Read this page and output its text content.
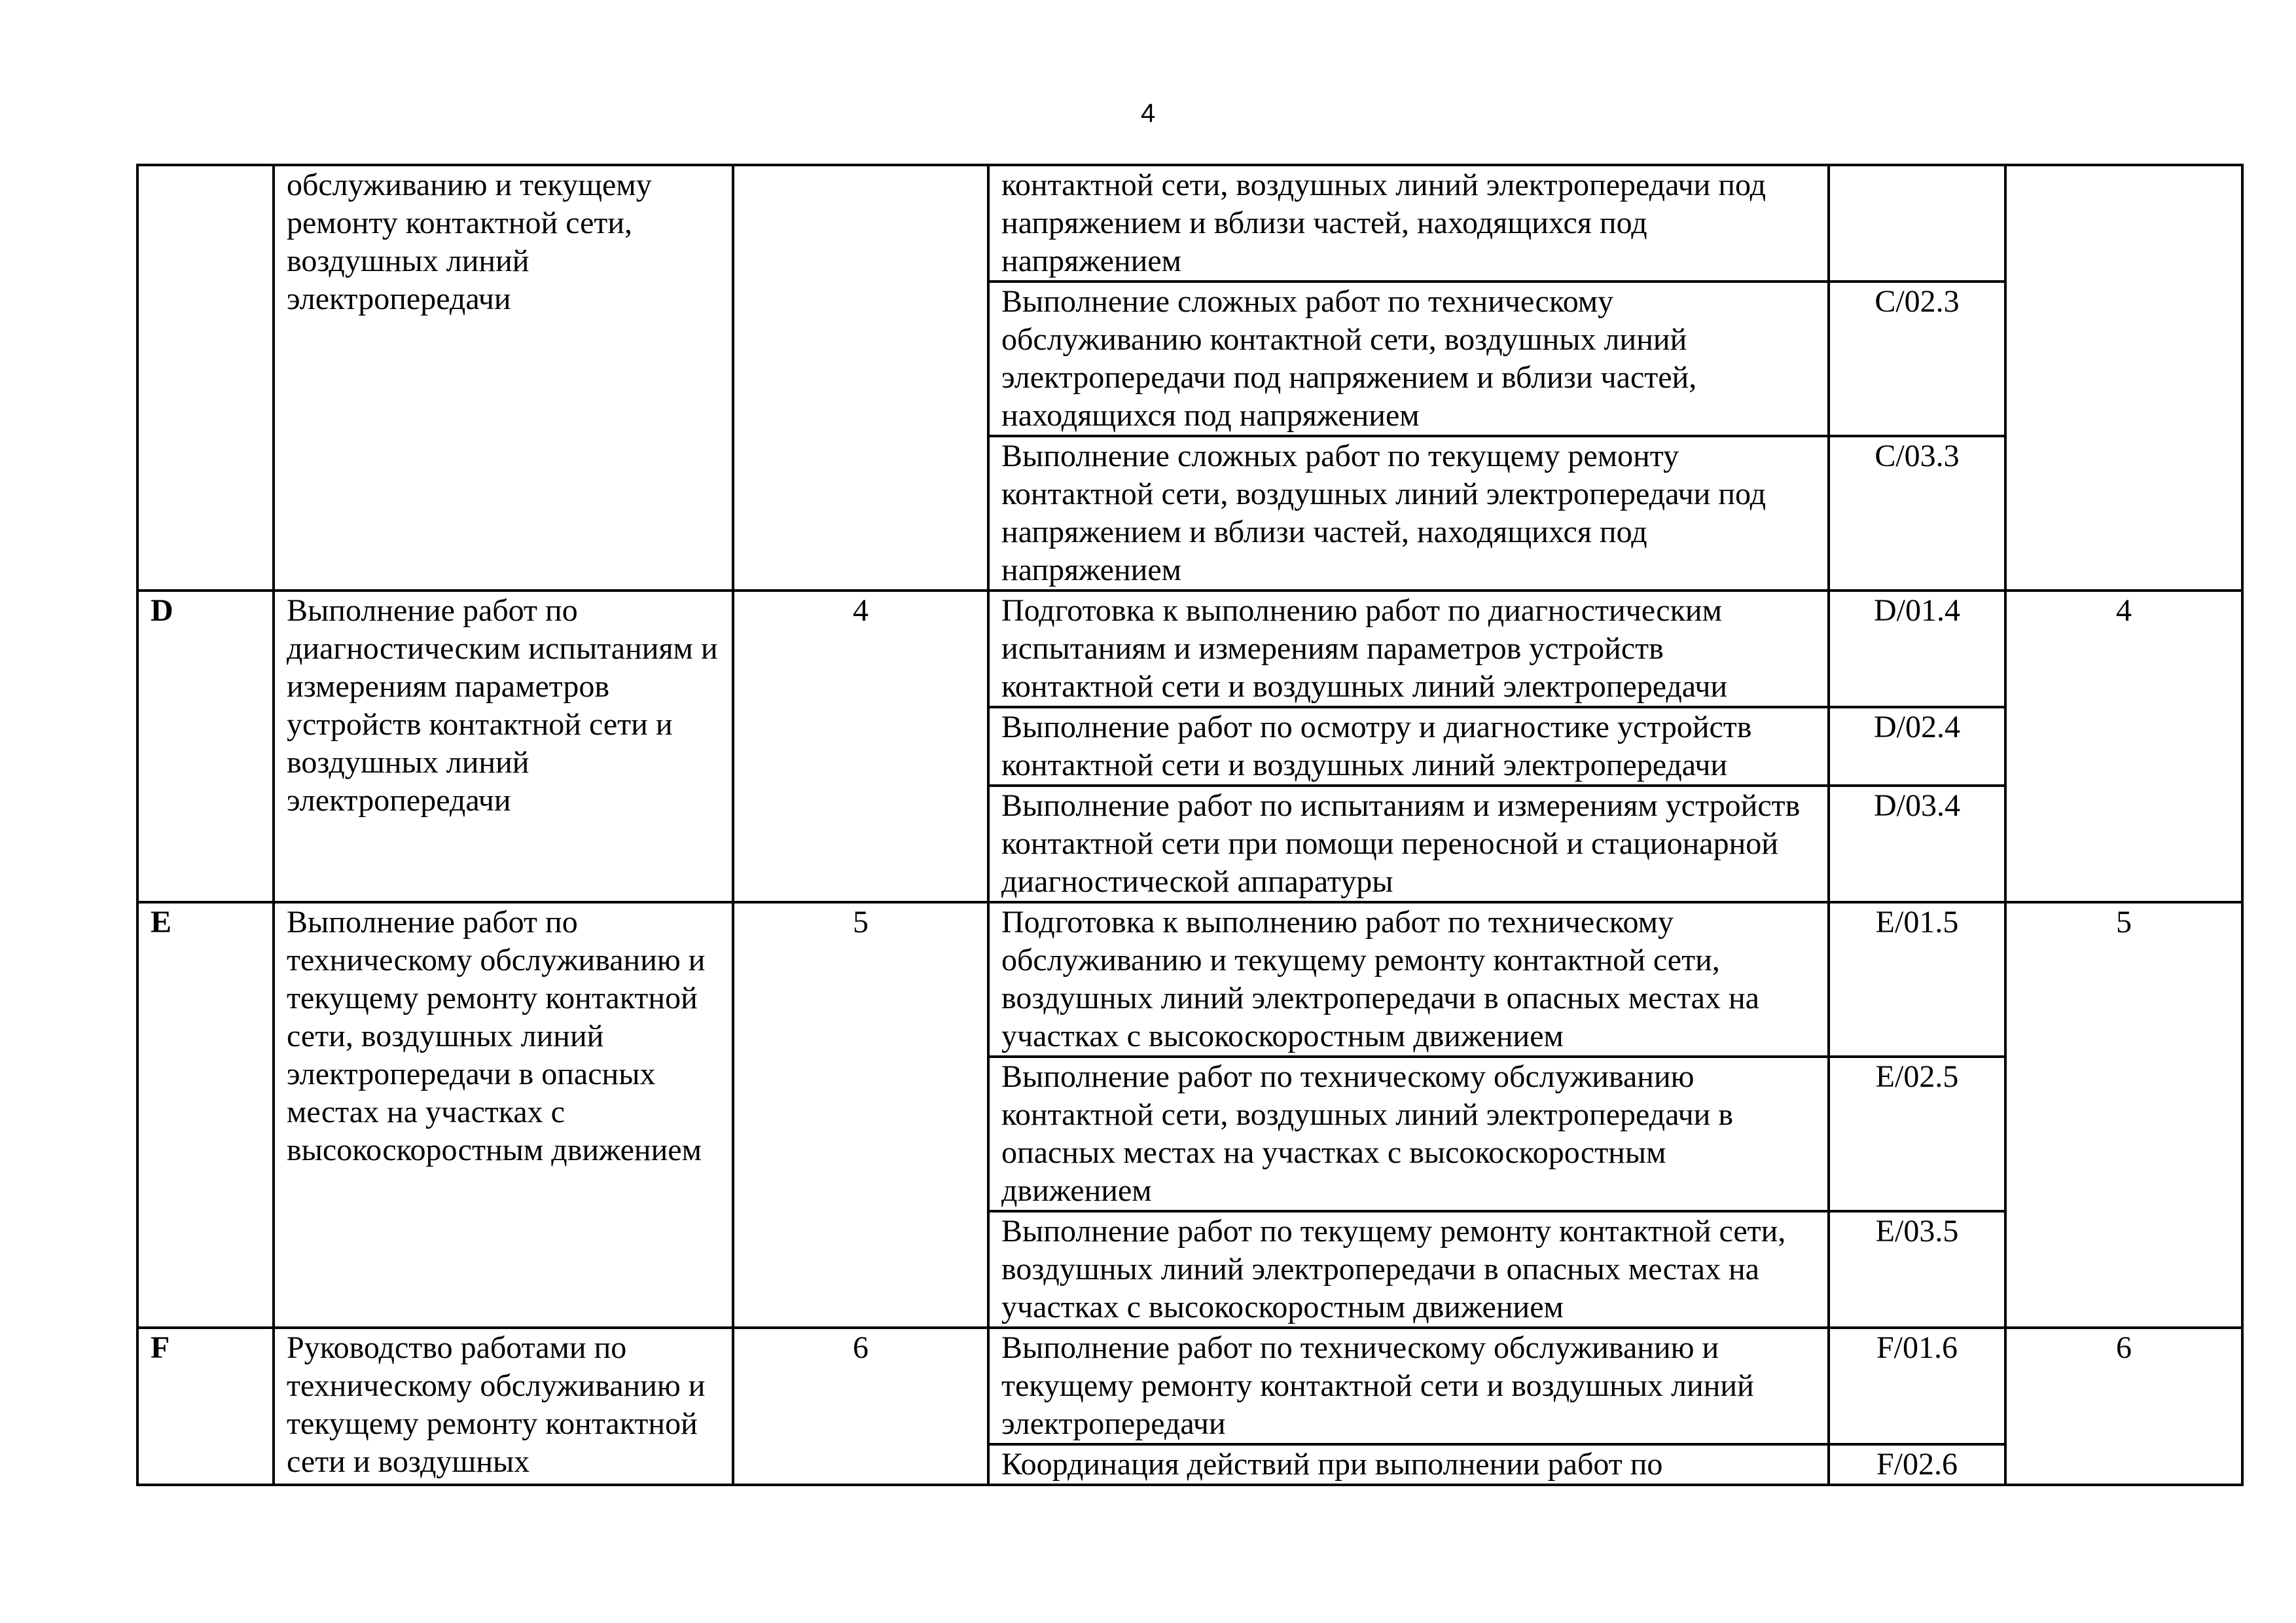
4
	обслуживанию и текущему ремонту контактной сети, воздушных линий электропередачи		контактной сети, воздушных линий электропередачи под напряжением и вблизи частей, находящихся под напряжением		
			Выполнение сложных работ по техническому обслуживанию контактной сети, воздушных линий электропередачи под напряжением и вблизи частей, находящихся под напряжением	C/02.3	
			Выполнение сложных работ по текущему ремонту контактной сети, воздушных линий электропередачи под напряжением и вблизи частей, находящихся под напряжением	C/03.3	
D	Выполнение работ по диагностическим испытаниям и измерениям параметров устройств контактной сети и воздушных линий электропередачи	4	Подготовка к выполнению работ по диагностическим испытаниям и измерениям параметров устройств контактной сети и воздушных линий электропередачи	D/01.4	4
			Выполнение работ по осмотру и диагностике устройств контактной сети и воздушных линий электропередачи	D/02.4	
			Выполнение работ по испытаниям и измерениям устройств контактной сети при помощи переносной и стационарной диагностической аппаратуры	D/03.4	
E	Выполнение работ по техническому обслуживанию и текущему ремонту контактной сети, воздушных линий электропередачи в опасных местах на участках с высокоскоростным движением	5	Подготовка к выполнению работ по техническому обслуживанию и текущему ремонту контактной сети, воздушных линий электропередачи в опасных местах на участках с высокоскоростным движением	E/01.5	5
			Выполнение работ по техническому обслуживанию контактной сети, воздушных линий электропередачи в опасных местах на участках с высокоскоростным движением	E/02.5	
			Выполнение работ по текущему ремонту контактной сети, воздушных линий электропередачи в опасных местах на участках с высокоскоростным движением	E/03.5	
F	Руководство работами по техническому обслуживанию и текущему ремонту контактной сети и воздушных	6	Выполнение работ по техническому обслуживанию и текущему ремонту контактной сети и воздушных линий электропередачи	F/01.6	6
			Координация действий при выполнении работ по	F/02.6	
